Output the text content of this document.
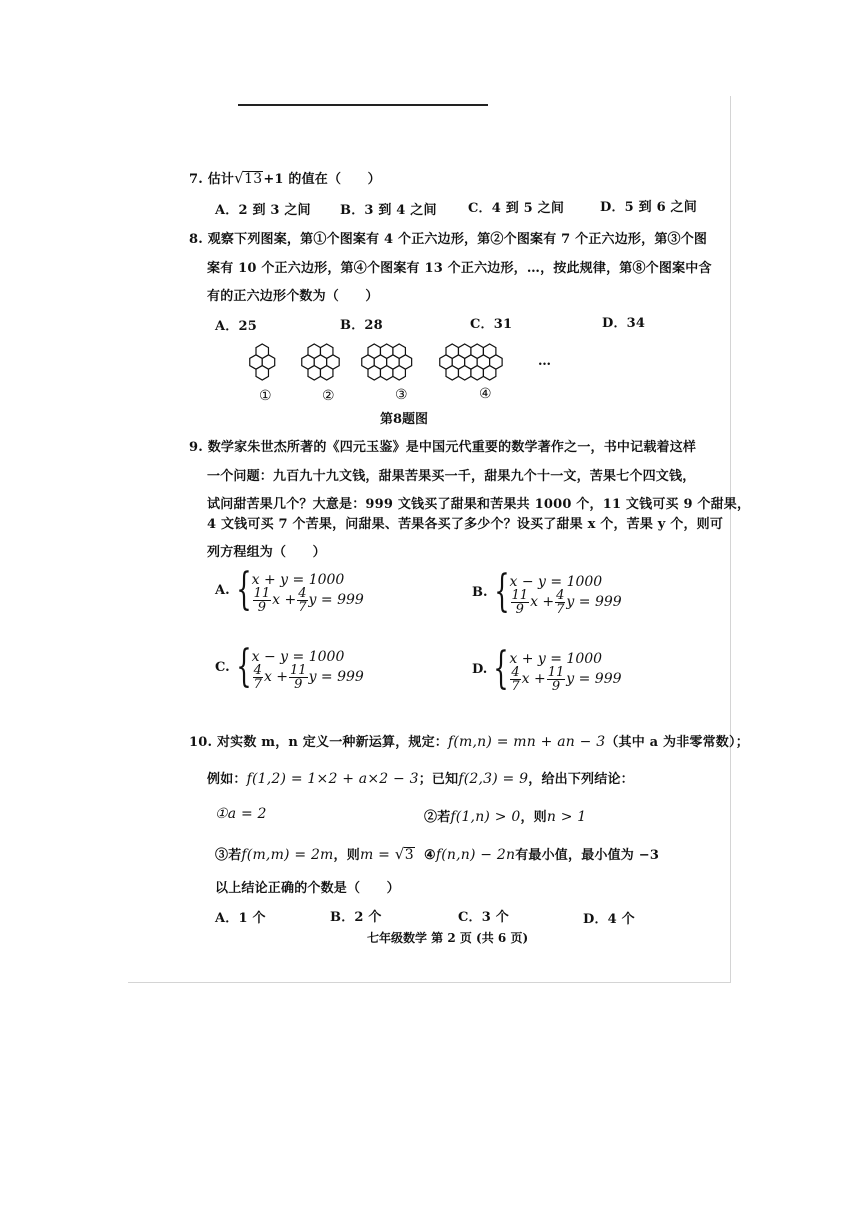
7. 估计 √ 13+1 的值在（　　）
A．2 到 3 之间 B．3 到 4 之间 C．4 到 5 之间	D．5 到 6 之间
8. 观察下列图案，第①个图案有 4 个正六边形，第②个图案有 7 个正六边形，第③个图
案有 10 个正六边形，第④个图案有 13 个正六边形，…，按此规律，第⑧个图案中含
有的正六边形个数为（　　）
A．25	B．28	C．31	D．34
①	②	③	④
…
第8题图
9. 数学家朱世杰所著的《四元玉鉴》是中国元代重要的数学著作之一，书中记载着这样
一个问题：九百九十九文钱，甜果苦果买一千，甜果九个十一文，苦果七个四文钱，
试问甜苦果几个？大意是：999 文钱买了甜果和苦果共 1000 个，11 文钱可买 9 个甜果，
4 文钱可买 7 个苦果，问甜果、苦果各买了多少个？设买了甜果 x 个，苦果 y 个，则可
列方程组为（　　）
A. { x + y = 1000
$\frac{11}{9}$ $x + \frac{4}{7}$ y = 999	B. { x − y = 1000
$\frac{11}{9}$ $x + \frac{4}{7}$ y = 999
C. { x − y = 1000
$\frac{4}{7}$ $x + \frac{11}{9}$ y = 999	D. { x + y = 1000
$\frac{4}{7}$ $x + \frac{11}{9}$ y = 999
10. 对实数 m，n 定义一种新运算，规定：f(m,n) = mn + an − 3（其中 a 为非零常数）；
例如：f(1,2) = 1×2 + a×2 − 3；已知f(2,3) = 9，给出下列结论：
①a = 2	②若f(1,n) > 0，则n > 1
③若f(m,m) = 2m，则m = √ 3 ④f(n,n) − 2n有最小值，最小值为 −3
以上结论正确的个数是（　　）
A．1 个	B．2 个	C．3 个	D．4 个
七年级数学 第 2 页 (共 6 页)
